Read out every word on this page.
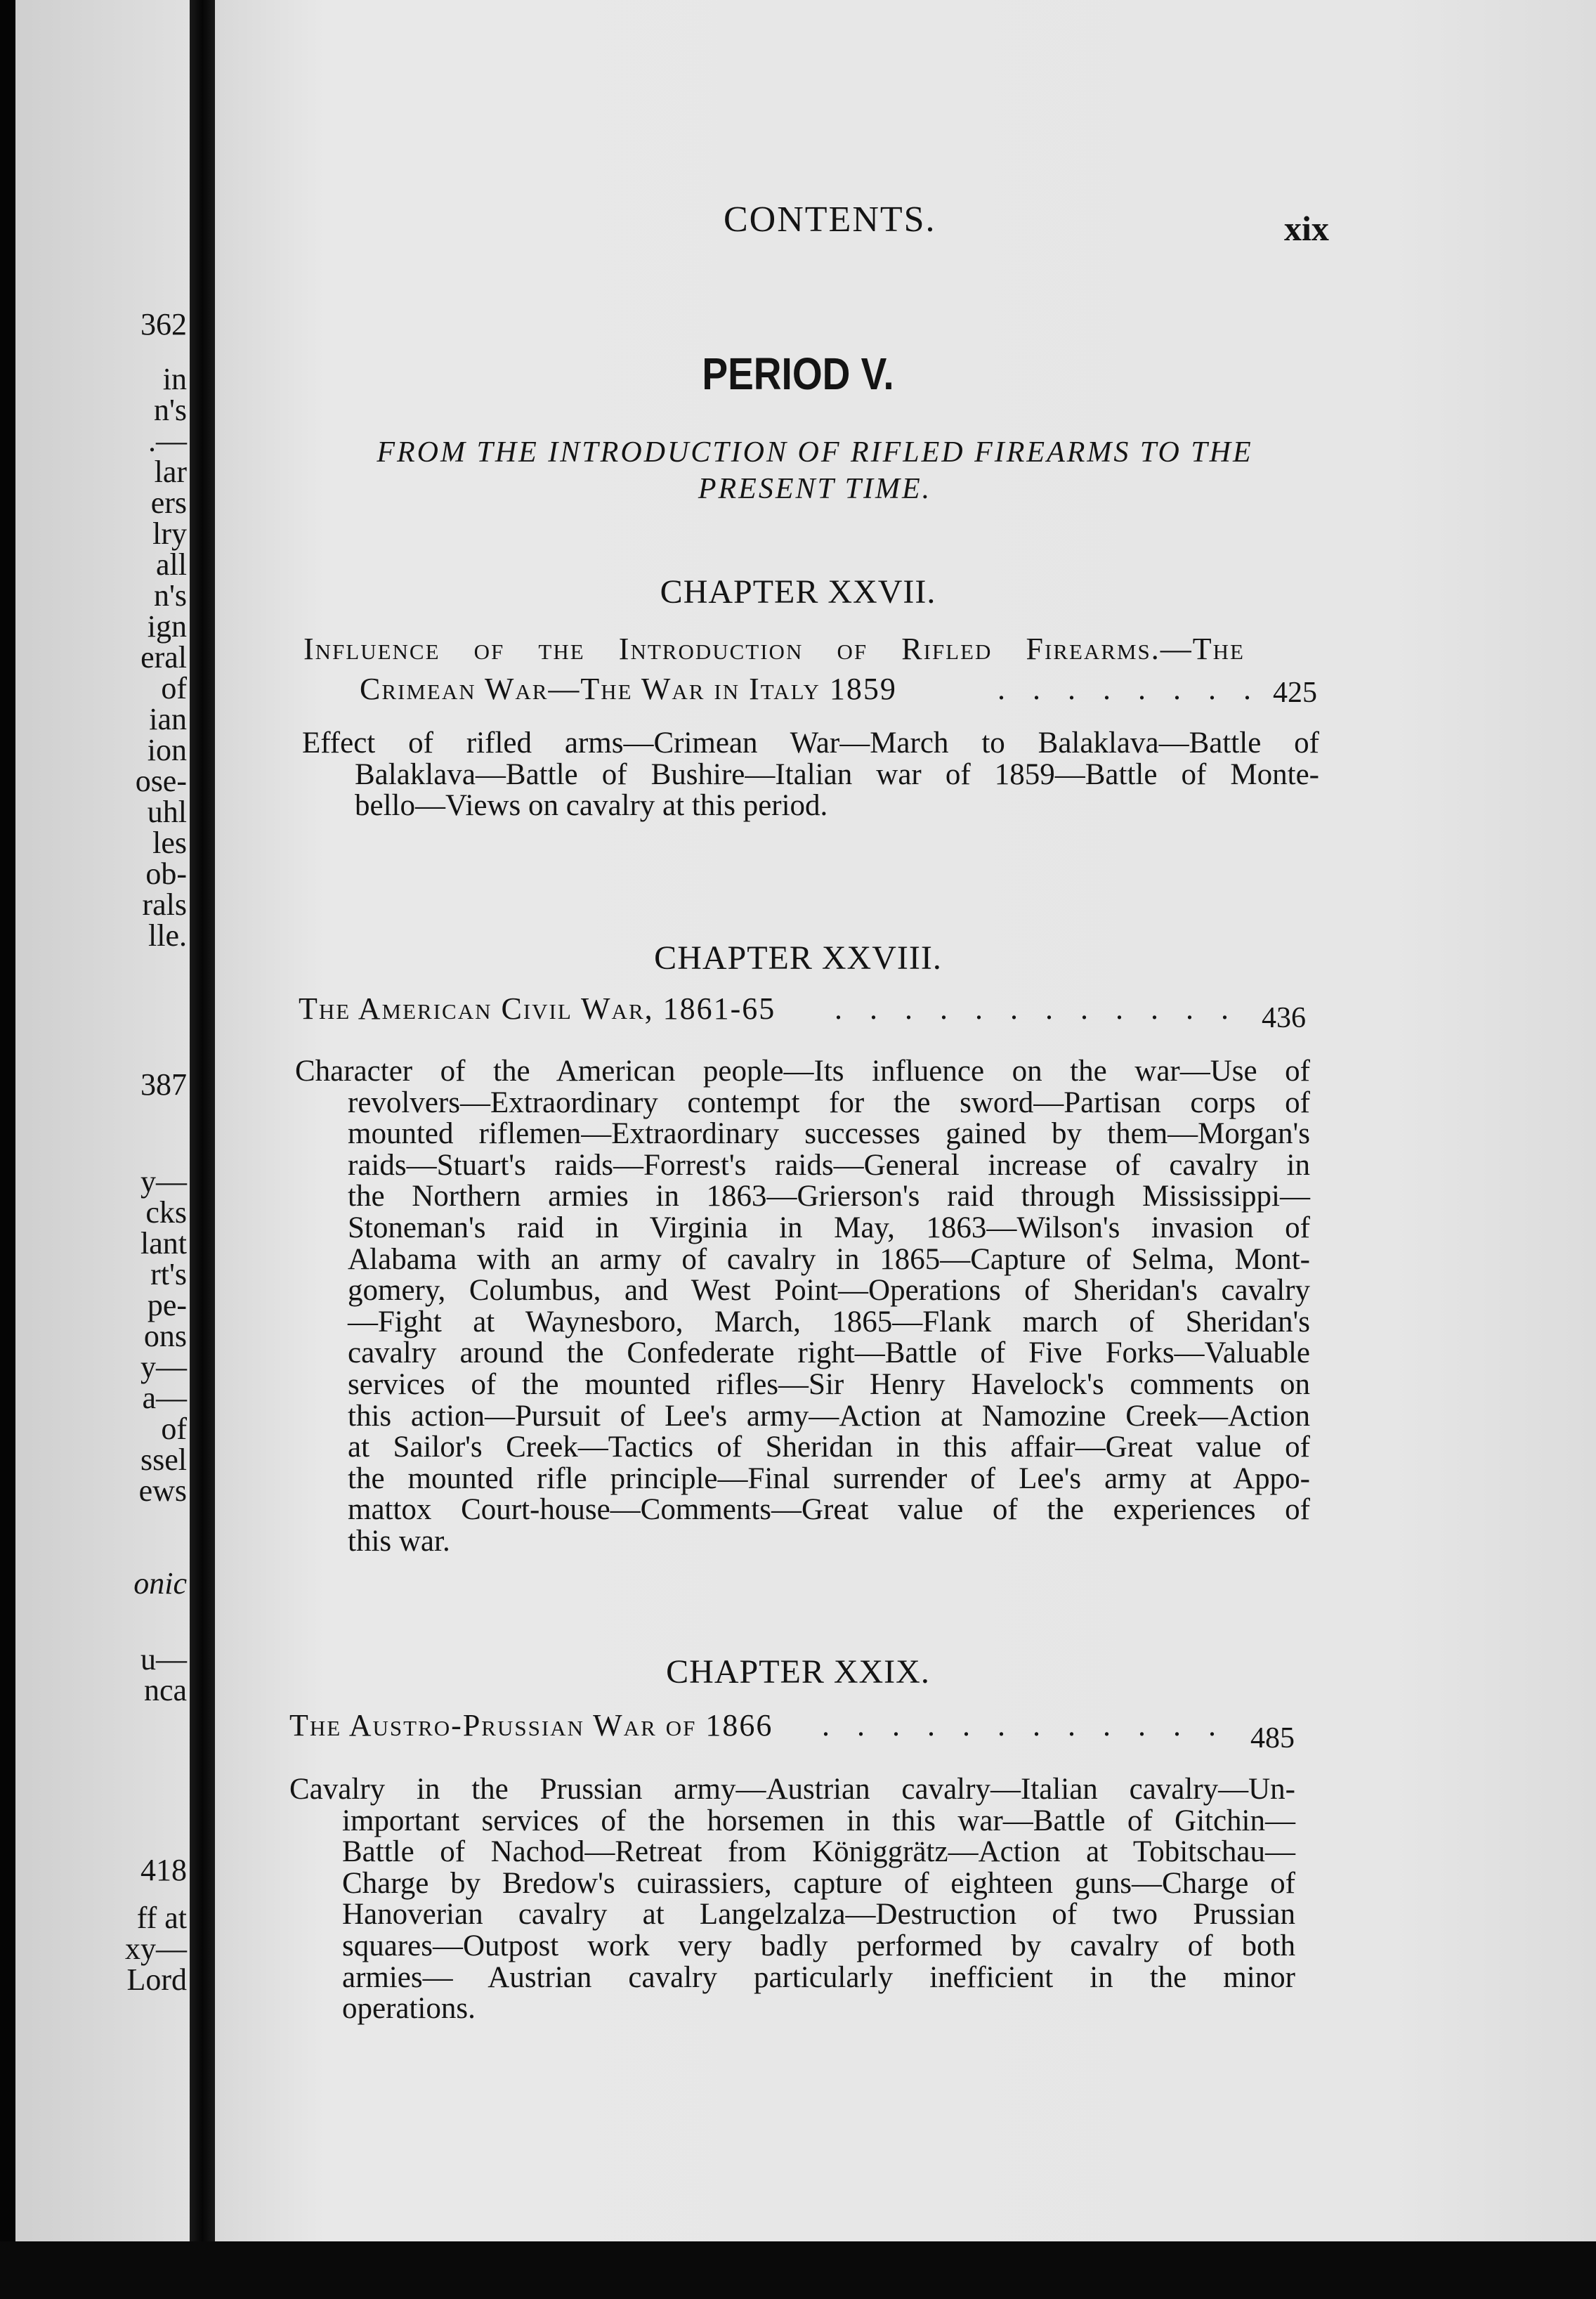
362
in
n's
.—
lar
ers
lry
all
n's
ign
eral
of
ian
ion
ose-
uhl
les
ob-
rals
lle.
387
y—
cks
lant
rt's
pe-
ons
y—
a—
of
ssel
ews
onic
u—
nca
418
ff at
xy—
Lord
CONTENTS.	xix
PERIOD V.
FROM THE INTRODUCTION OF RIFLED FIREARMS TO THE
PRESENT TIME.
CHAPTER XXVII.
Influence of the Introduction of Rifled Firearms.—The
Crimean War—The War in Italy 1859	. . . . . . . . 425
Effect of rifled arms—Crimean War—March to Balaklava—Battle of
Balaklava—Battle of Bushire—Italian war of 1859—Battle of Monte-
bello—Views on cavalry at this period.
CHAPTER XXVIII.
The American Civil War, 1861-65 . . . . . . . . . . . . 436
Character of the American people—Its influence on the war—Use of
revolvers—Extraordinary contempt for the sword—Partisan corps of
mounted riflemen—Extraordinary successes gained by them—Morgan's
raids—Stuart's raids—Forrest's raids—General increase of cavalry in
the Northern armies in 1863—Grierson's raid through Mississippi—
Stoneman's raid in Virginia in May, 1863—Wilson's invasion of
Alabama with an army of cavalry in 1865—Capture of Selma, Mont-
gomery, Columbus, and West Point—Operations of Sheridan's cavalry
—Fight at Waynesboro, March, 1865—Flank march of Sheridan's
cavalry around the Confederate right—Battle of Five Forks—Valuable
services of the mounted rifles—Sir Henry Havelock's comments on
this action—Pursuit of Lee's army—Action at Namozine Creek—Action
at Sailor's Creek—Tactics of Sheridan in this affair—Great value of
the mounted rifle principle—Final surrender of Lee's army at Appo-
mattox Court-house—Comments—Great value of the experiences of
this war.
CHAPTER XXIX.
The Austro-Prussian War of 1866 . . . . . . . . . . . . 485
Cavalry in the Prussian army—Austrian cavalry—Italian cavalry—Un-
important services of the horsemen in this war—Battle of Gitchin—
Battle of Nachod—Retreat from Königgrätz—Action at Tobitschau—
Charge by Bredow's cuirassiers, capture of eighteen guns—Charge of
Hanoverian cavalry at Langelzalza—Destruction of two Prussian
squares—Outpost work very badly performed by cavalry of both
armies— Austrian cavalry particularly inefficient in the minor
operations.
